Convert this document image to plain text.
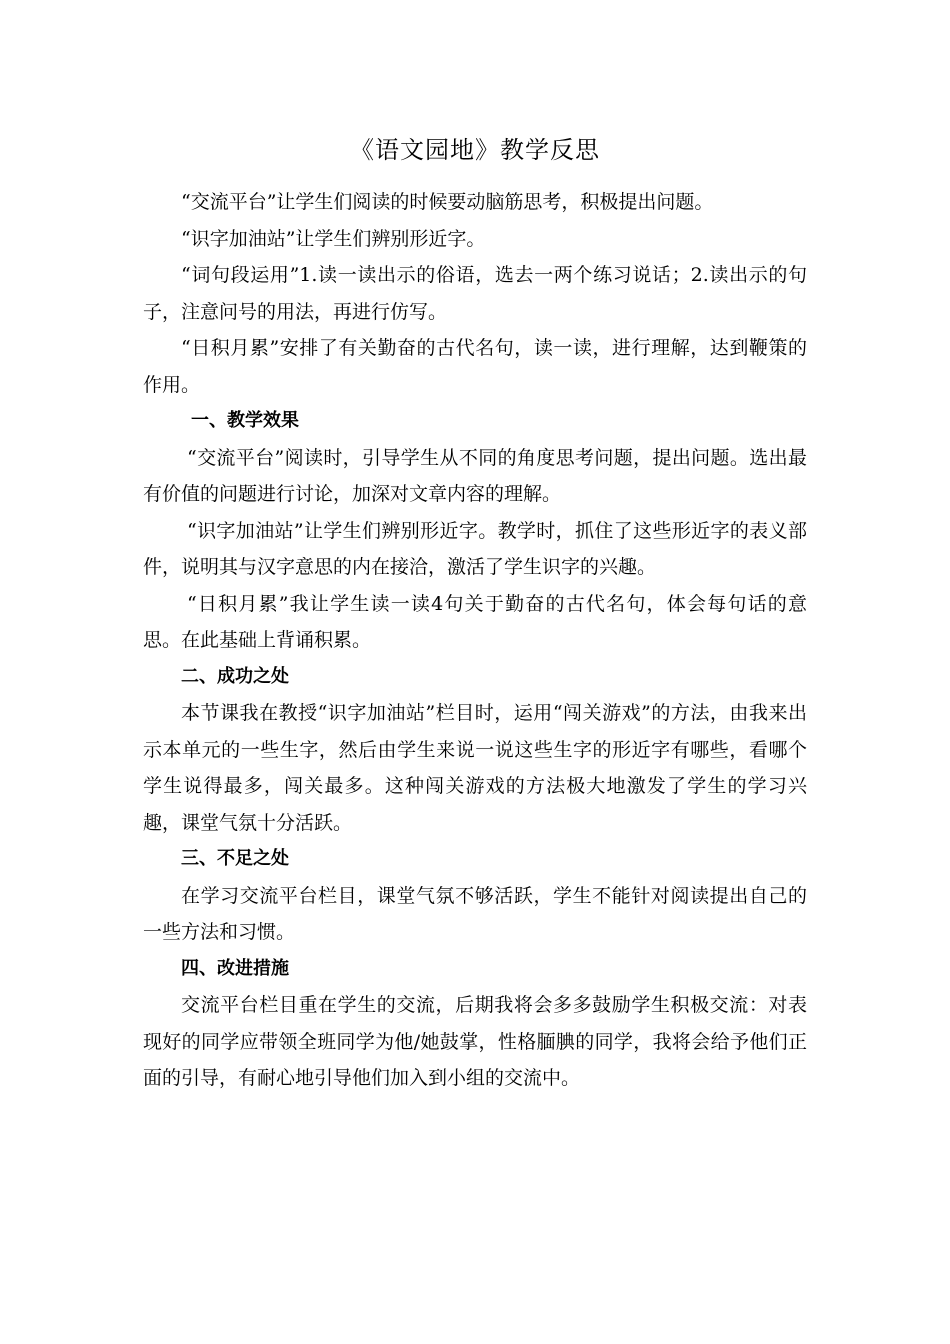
《语文园地》教学反思

“交流平台”让学生们阅读的时候要动脑筋思考，积极提出问题。

“识字加油站”让学生们辨别形近字。

“词句段运用”1.读一读出示的俗语，选去一两个练习说话；2.读出示的句子，注意问号的用法，再进行仿写。

“日积月累”安排了有关勤奋的古代名句，读一读，进行理解，达到鞭策的作用。

一、教学效果

“交流平台”阅读时，引导学生从不同的角度思考问题，提出问题。选出最有价值的问题进行讨论，加深对文章内容的理解。

“识字加油站”让学生们辨别形近字。教学时，抓住了这些形近字的表义部件，说明其与汉字意思的内在接洽，激活了学生识字的兴趣。

“日积月累”我让学生读一读4句关于勤奋的古代名句，体会每句话的意思。在此基础上背诵积累。

二、成功之处

本节课我在教授“识字加油站”栏目时，运用“闯关游戏”的方法，由我来出示本单元的一些生字，然后由学生来说一说这些生字的形近字有哪些，看哪个学生说得最多，闯关最多。这种闯关游戏的方法极大地激发了学生的学习兴趣，课堂气氛十分活跃。

三、不足之处

在学习交流平台栏目，课堂气氛不够活跃，学生不能针对阅读提出自己的一些方法和习惯。

四、改进措施

交流平台栏目重在学生的交流，后期我将会多多鼓励学生积极交流：对表现好的同学应带领全班同学为他/她鼓掌，性格腼腆的同学，我将会给予他们正面的引导，有耐心地引导他们加入到小组的交流中。
